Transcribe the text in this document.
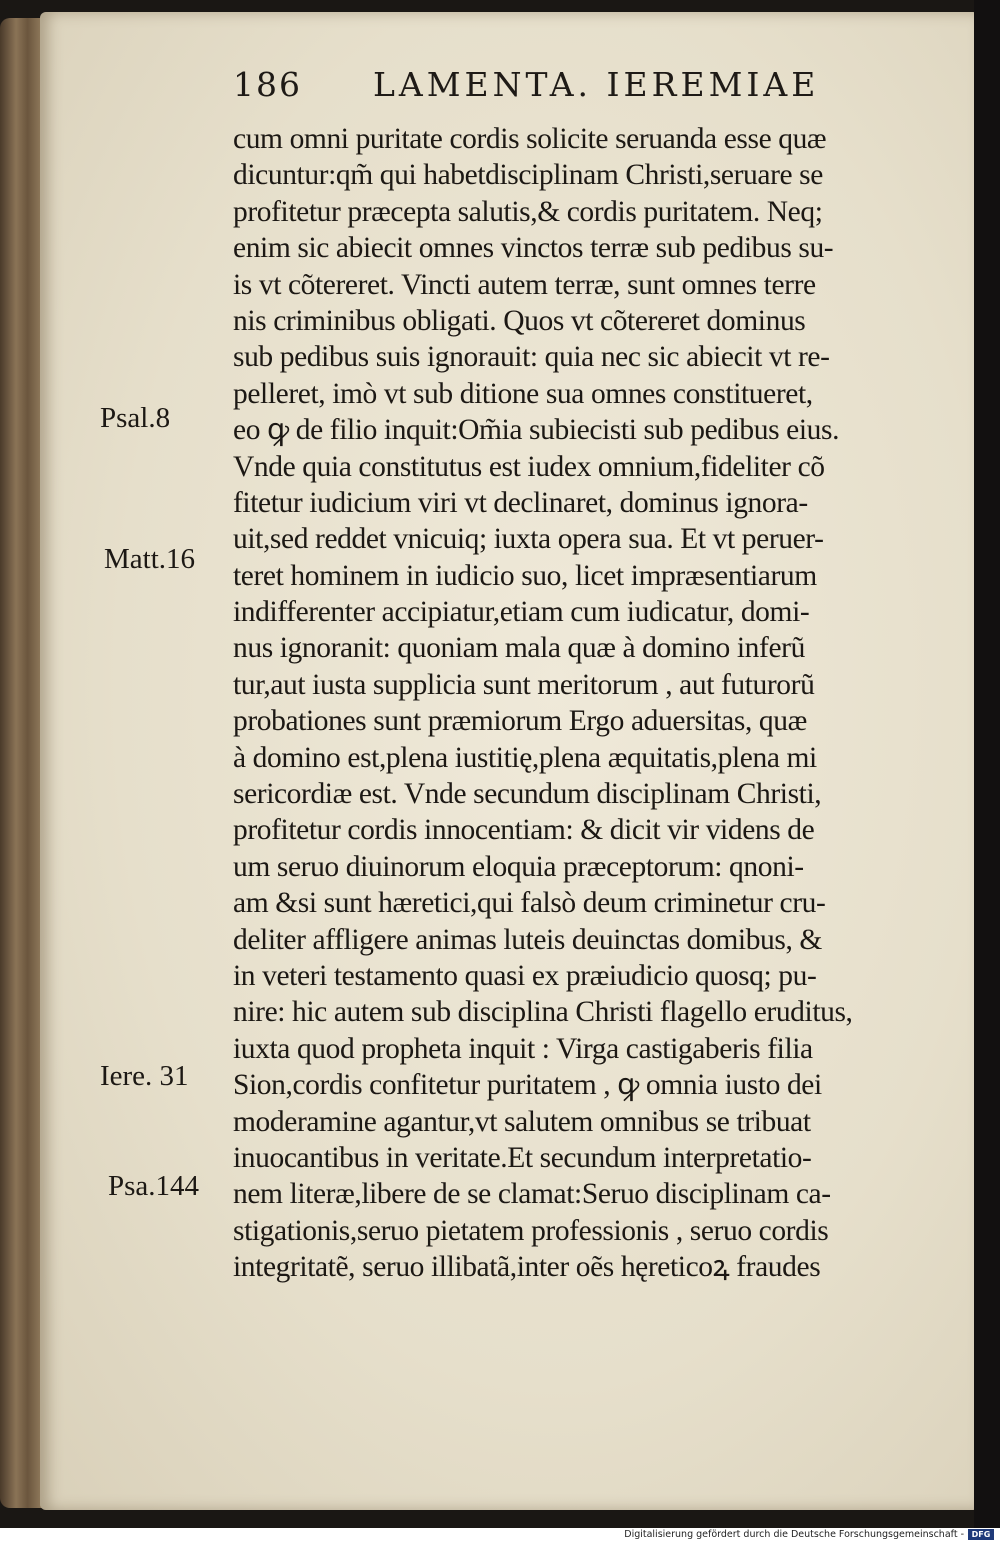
186 LAMENTA. IEREMIAE
Psal.8
Matt.16
Iere. 31
Psa.144
cum omni puritate cordis solicite seruanda esse quæ
dicuntur:qm̃ qui habetdisciplinam Christi,seruare se
profitetur præcepta salutis,& cordis puritatem. Neq;
enim sic abiecit omnes vinctos terræ sub pedibus su-
is vt cõtereret. Vincti autem terræ, sunt omnes terre
nis criminibus obligati. Quos vt cõtereret dominus
sub pedibus suis ignorauit: quia nec sic abiecit vt re-
pelleret, imò vt sub ditione sua omnes constitueret,
eo ꝙ de filio inquit:Om̃ia subiecisti sub pedibus eius.
Vnde quia constitutus est iudex omnium,fideliter cõ
fitetur iudicium viri vt declinaret, dominus ignora-
uit,sed reddet vnicuiq; iuxta opera sua. Et vt peruer-
teret hominem in iudicio suo, licet impræsentiarum
indifferenter accipiatur,etiam cum iudicatur, domi-
nus ignoranit: quoniam mala quæ à domino inferũ
tur,aut iusta supplicia sunt meritorum , aut futurorũ
probationes sunt præmiorum Ergo aduersitas, quæ
à domino est,plena iustitię,plena æquitatis,plena mi
sericordiæ est. Vnde secundum disciplinam Christi,
profitetur cordis innocentiam: & dicit vir videns de
um seruo diuinorum eloquia præceptorum: qnoni-
am &si sunt hæretici,qui falsò deum criminetur cru-
deliter affligere animas luteis deuinctas domibus, &
in veteri testamento quasi ex præiudicio quosq; pu-
nire: hic autem sub disciplina Christi flagello eruditus,
iuxta quod propheta inquit : Virga castigaberis filia
Sion,cordis confitetur puritatem , ꝙ omnia iusto dei
moderamine agantur,vt salutem omnibus se tribuat
inuocantibus in veritate.Et secundum interpretatio-
nem literæ,libere de se clamat:Seruo disciplinam ca-
stigationis,seruo pietatem professionis , seruo cordis
integritatẽ, seruo illibatã,inter oẽs hęreticoꝝ fraudes
Digitalisierung gefördert durch die Deutsche Forschungsgemeinschaft - DFG
